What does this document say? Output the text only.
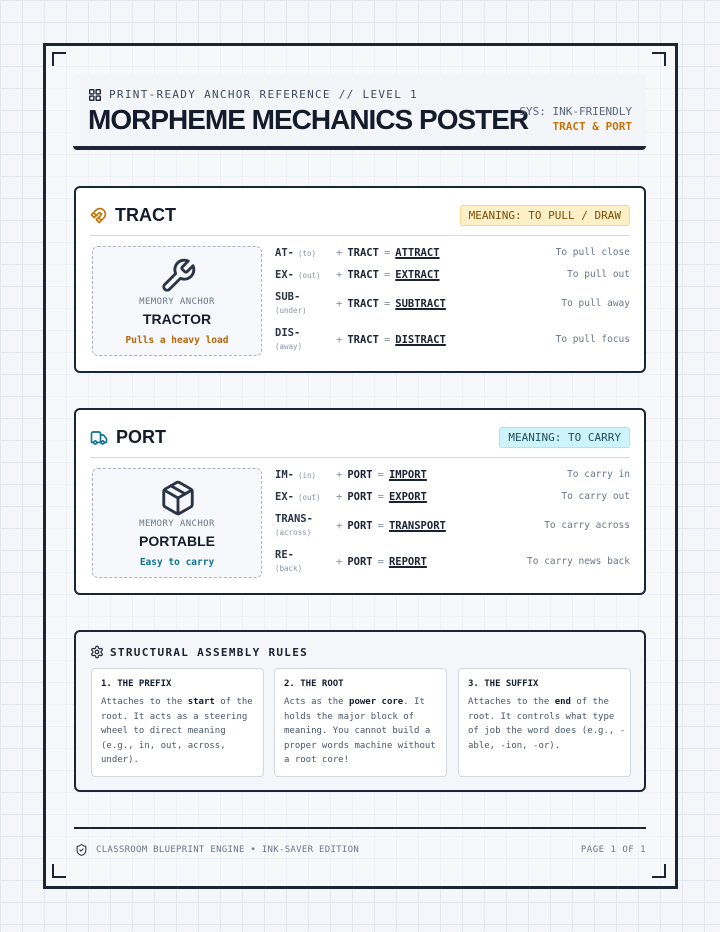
PRINT-READY ANCHOR REFERENCE // LEVEL 1
MORPHEME MECHANICS POSTER
SYS: INK-FRIENDLY
TRACT & PORT
TRACT	MEANING: TO PULL / DRAW
MEMORY ANCHOR
TRACTOR
Pulls a heavy load
AT- (to)	+ TRACT = ATTRACT	To pull close
EX- (out)	+ TRACT = EXTRACT	To pull out
SUB-
(under)
+ TRACT = SUBTRACT	To pull away
DIS-
(away)
+ TRACT = DISTRACT	To pull focus
PORT	MEANING: TO CARRY
MEMORY ANCHOR
PORTABLE
Easy to carry
IM- (in)	+ PORT = IMPORT	To carry in
EX- (out)	+ PORT = EXPORT	To carry out
TRANS-
(across)
+ PORT = TRANSPORT	To carry across
RE-
(back)
+ PORT = REPORT	To carry news back
STRUCTURAL ASSEMBLY RULES
1. THE PREFIX
Attaches to the start of the root. It acts as a steering wheel to direct meaning (e.g., in, out, across, under).
2. THE ROOT
Acts as the power core. It holds the major block of meaning. You cannot build a proper words machine without a root core!
3. THE SUFFIX
Attaches to the end of the root. It controls what type of job the word does (e.g., -able, -ion, -or).
CLASSROOM BLUEPRINT ENGINE • INK-SAVER EDITION	PAGE 1 OF 1
